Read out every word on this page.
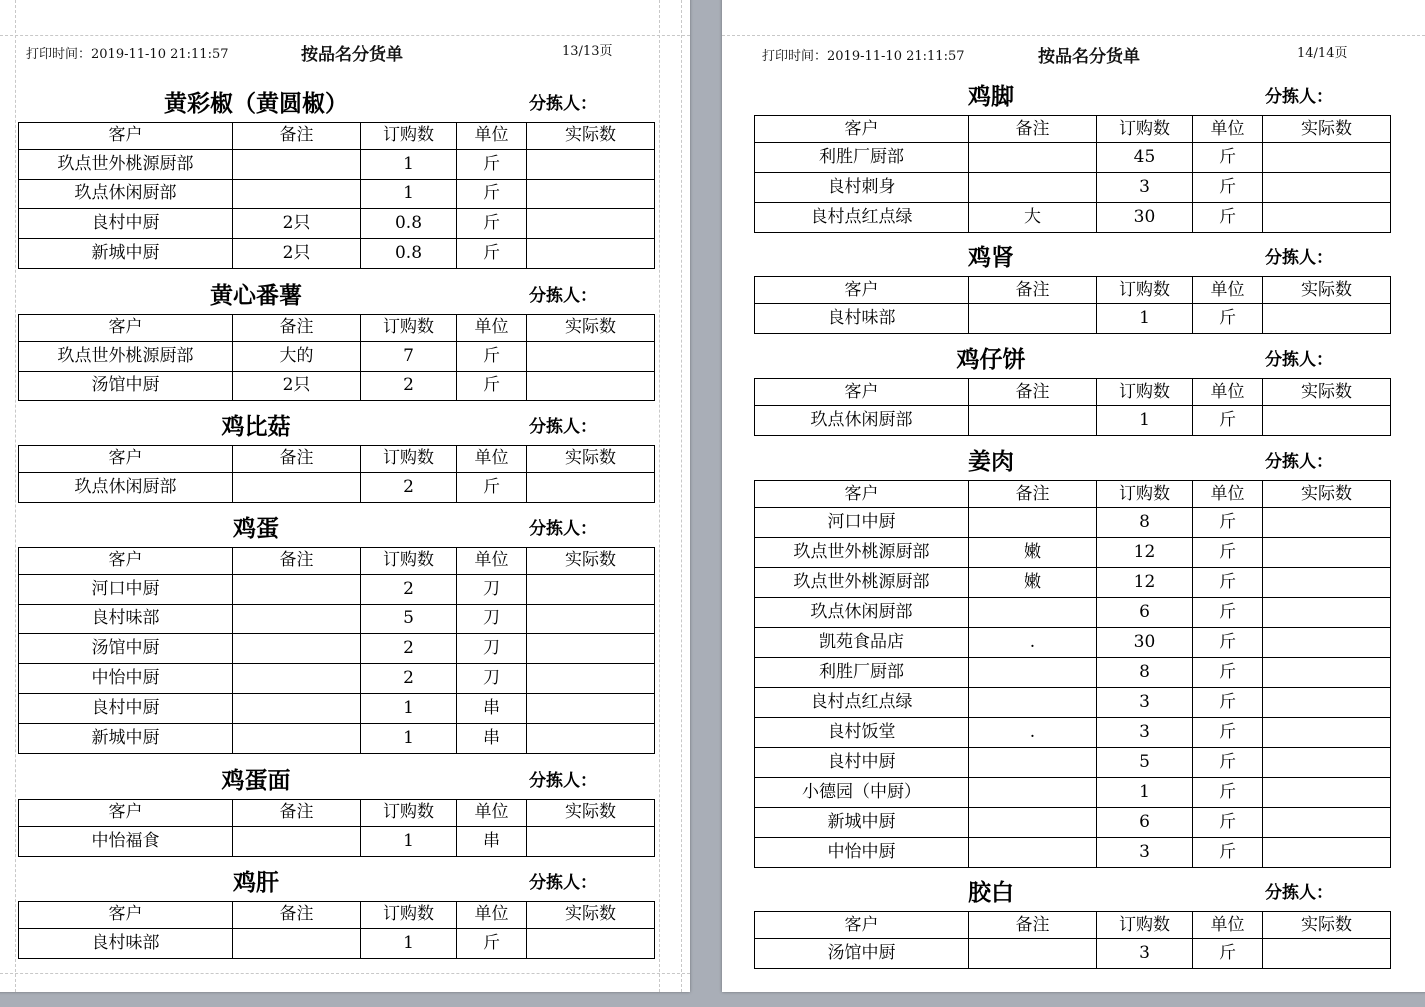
打印时间：2019-11-10 21:11:57	按品名分货单	13/13页
黄彩椒（黄圆椒）	分拣人：
客户	备注	订购数	单位	实际数
玖点世外桃源厨部		1	斤	
玖点休闲厨部		1	斤	
良村中厨	2只	0.8	斤	
新城中厨	2只	0.8	斤	
黄心番薯	分拣人：
客户	备注	订购数	单位	实际数
玖点世外桃源厨部	大的	7	斤	
汤馆中厨	2只	2	斤	
鸡比菇	分拣人：
客户	备注	订购数	单位	实际数
玖点休闲厨部		2	斤	
鸡蛋	分拣人：
客户	备注	订购数	单位	实际数
河口中厨		2	刀	
良村味部		5	刀	
汤馆中厨		2	刀	
中怡中厨		2	刀	
良村中厨		1	串	
新城中厨		1	串	
鸡蛋面	分拣人：
客户	备注	订购数	单位	实际数
中怡福食		1	串	
鸡肝	分拣人：
客户	备注	订购数	单位	实际数
良村味部		1	斤	
打印时间：2019-11-10 21:11:57	按品名分货单	14/14页
鸡脚	分拣人：
客户	备注	订购数	单位	实际数
利胜厂厨部		45	斤	
良村刺身		3	斤	
良村点红点绿	大	30	斤	
鸡肾	分拣人：
客户	备注	订购数	单位	实际数
良村味部		1	斤	
鸡仔饼	分拣人：
客户	备注	订购数	单位	实际数
玖点休闲厨部		1	斤	
姜肉	分拣人：
客户	备注	订购数	单位	实际数
河口中厨		8	斤	
玖点世外桃源厨部	嫩	12	斤	
玖点世外桃源厨部	嫩	12	斤	
玖点休闲厨部		6	斤	
凯苑食品店	.	30	斤	
利胜厂厨部		8	斤	
良村点红点绿		3	斤	
良村饭堂	.	3	斤	
良村中厨		5	斤	
小德园（中厨）		1	斤	
新城中厨		6	斤	
中怡中厨		3	斤	
胶白	分拣人：
客户	备注	订购数	单位	实际数
汤馆中厨		3	斤	
